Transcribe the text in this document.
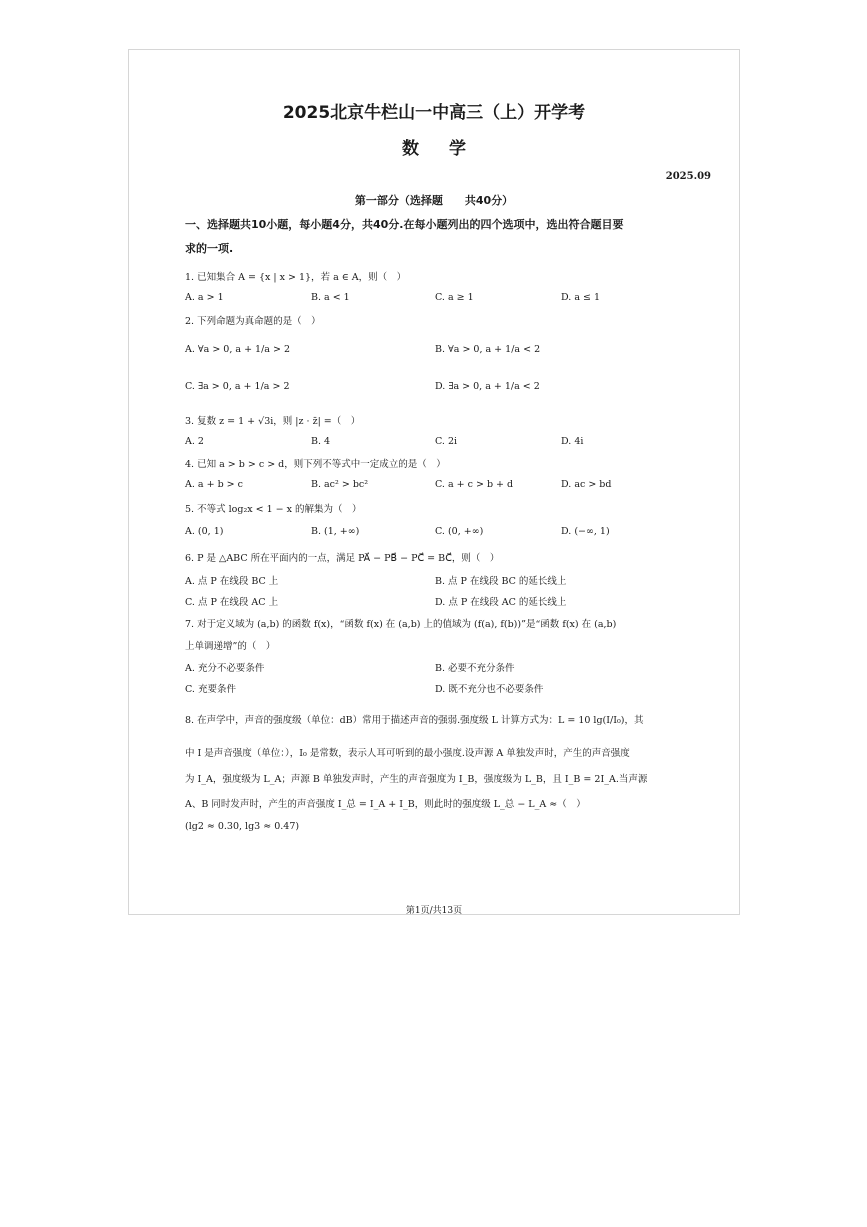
2025北京牛栏山一中高三（上）开学考
数学
2025.09
第一部分（选择题　　共40分）
一、选择题共10小题，每小题4分，共40分.在每小题列出的四个选项中，选出符合题目要
求的一项.
1. 已知集合 A = {x | x > 1}，若 a ∈ A，则（　）
A. a > 1	B. a < 1	C. a ≥ 1	D. a ≤ 1
2. 下列命题为真命题的是（　）
A. ∀a > 0, a + 1/a > 2	B. ∀a > 0, a + 1/a < 2
C. ∃a > 0, a + 1/a > 2	D. ∃a > 0, a + 1/a < 2
3. 复数 z = 1 + √3i，则 |z · z̄| =（　）
A. 2	B. 4	C. 2i	D. 4i
4. 已知 a > b > c > d，则下列不等式中一定成立的是（　）
A. a + b > c	B. ac² > bc²	C. a + c > b + d	D. ac > bd
5. 不等式 log₂x < 1 − x 的解集为（　）
A. (0, 1)	B. (1, +∞)	C. (0, +∞)	D. (−∞, 1)
6. P 是 △ABC 所在平面内的一点，满足 PA⃗ − PB⃗ − PC⃗ = BC⃗，则（　）
A. 点 P 在线段 BC 上	B. 点 P 在线段 BC 的延长线上
C. 点 P 在线段 AC 上	D. 点 P 在线段 AC 的延长线上
7. 对于定义域为 (a,b) 的函数 f(x)，“函数 f(x) 在 (a,b) 上的值域为 (f(a), f(b))”是“函数 f(x) 在 (a,b)
上单调递增”的（　）
A. 充分不必要条件	B. 必要不充分条件
C. 充要条件	D. 既不充分也不必要条件
8. 在声学中，声音的强度级（单位：dB）常用于描述声音的强弱.强度级 L 计算方式为：L = 10 lg(I/I₀)，其
中 I 是声音强度（单位：），I₀ 是常数，表示人耳可听到的最小强度.设声源 A 单独发声时，产生的声音强度
为 I_A，强度级为 L_A；声源 B 单独发声时，产生的声音强度为 I_B，强度级为 L_B，且 I_B = 2I_A.当声源
A、B 同时发声时，产生的声音强度 I_总 = I_A + I_B，则此时的强度级 L_总 − L_A ≈（　）
(lg2 ≈ 0.30, lg3 ≈ 0.47)
第1页/共13页
